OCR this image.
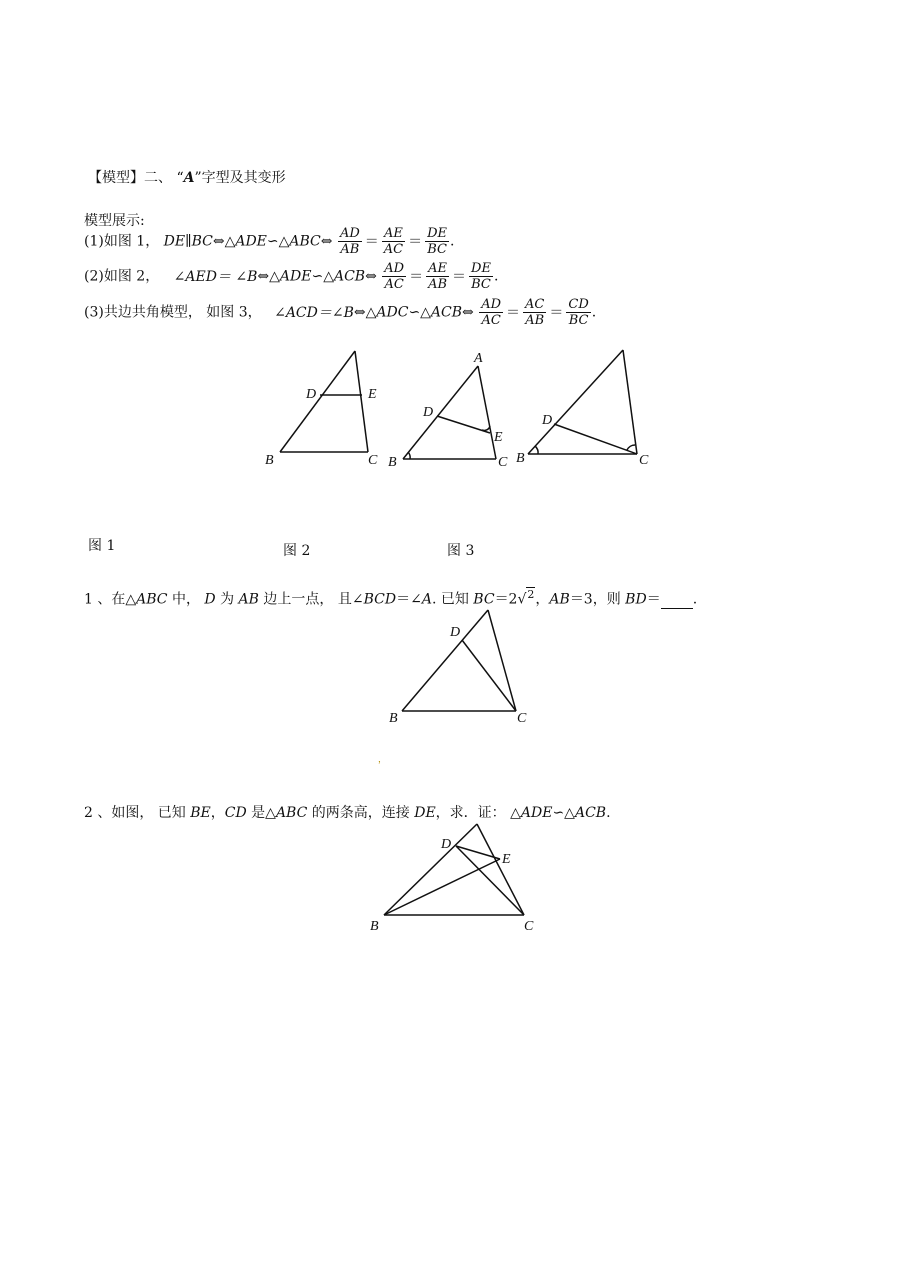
【模型】二、 “A”字型及其变形
模型展示:
(1)如图 1， DE∥BC⇔△ADE∽△ABC⇔ $\frac{AD}{AB} = \frac{AE}{AC} = \frac{DE}{BC}$ .
(2)如图 2， ∠AED＝ ∠B⇔△ADE∽△ACB⇔ $\frac{AD}{AC} = \frac{AE}{AB} = \frac{DE}{BC}$ .
(3)共边共角模型， 如图 3， ∠ACD＝∠B⇔△ADC∽△ACB⇔ $\frac{AD}{AC} = \frac{AC}{AB} = \frac{CD}{BC}$ .
D	E
B	C
A
D
E
B	C
D
B	C
D
B	C
D
E
B	C
图 1	图 2	图 3
1 、在△ABC 中， D 为 AB 边上一点， 且∠BCD＝∠A. 已知 BC＝2√$^2$，AB＝3，则 BD＝ .
，
2 、如图， 已知 BE，CD 是△ABC 的两条高，连接 DE，求．证： △ADE∽△ACB.
